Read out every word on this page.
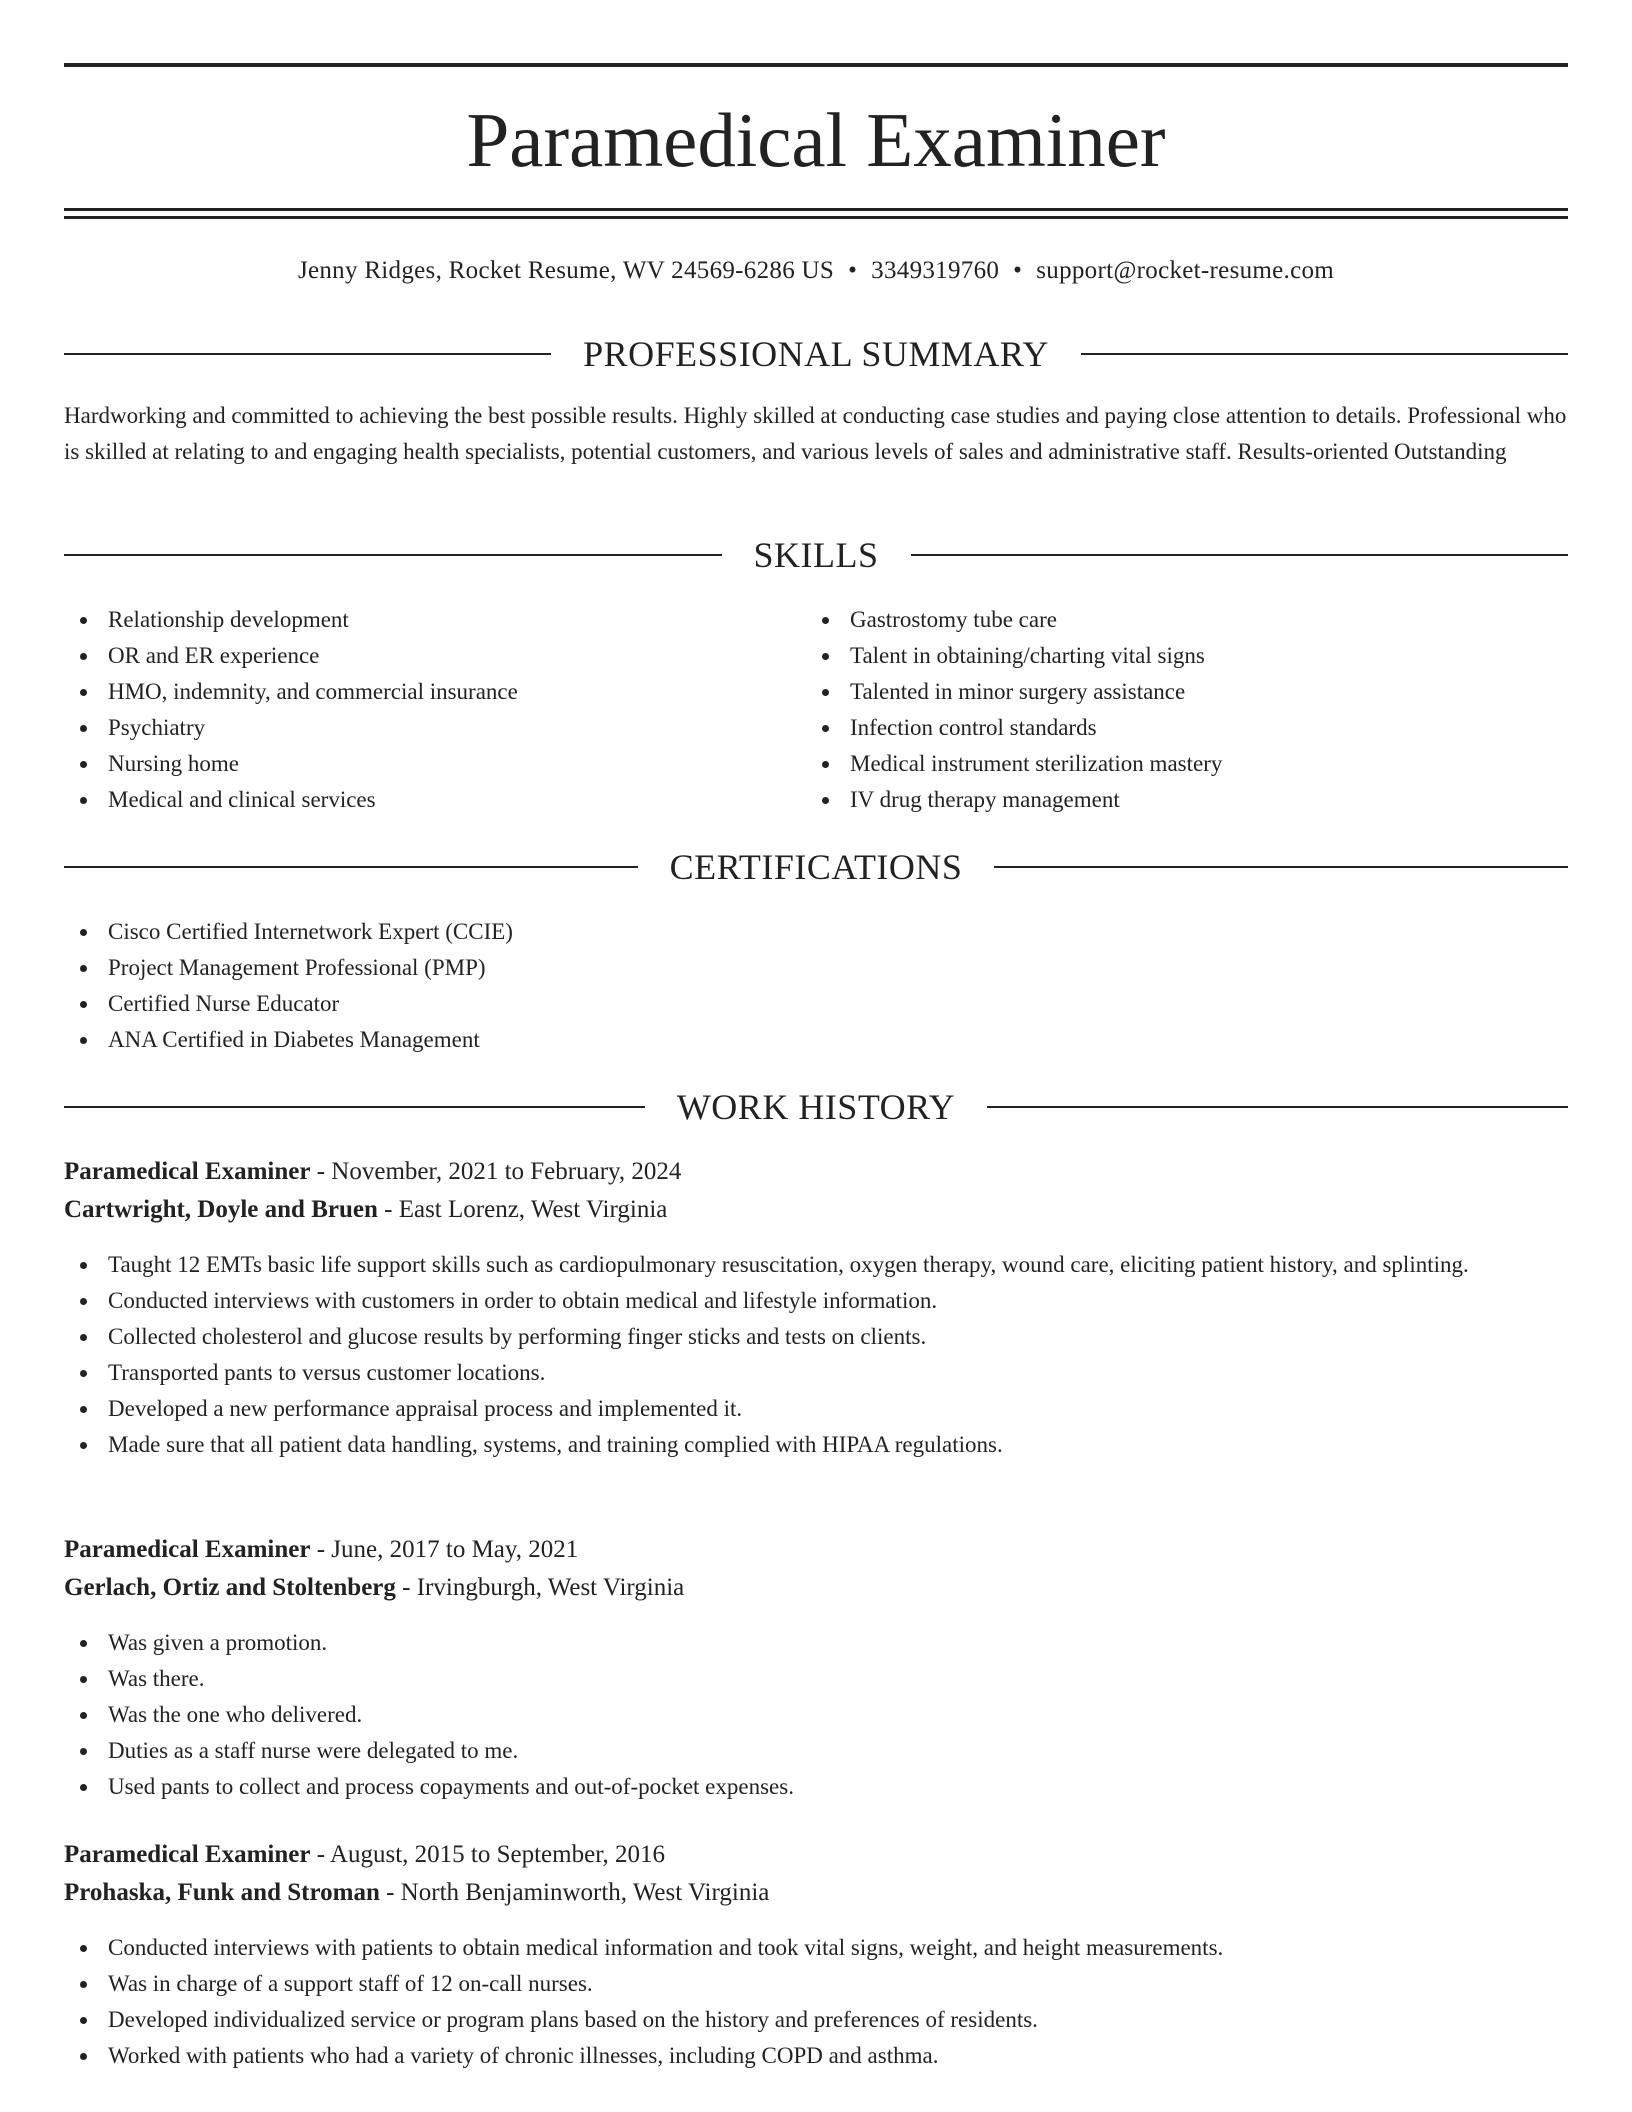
Paramedical Examiner
Jenny Ridges, Rocket Resume, WV 24569-6286 US • 3349319760 • support@rocket-resume.com
PROFESSIONAL SUMMARY
Hardworking and committed to achieving the best possible results. Highly skilled at conducting case studies and paying close attention to details. Professional who is skilled at relating to and engaging health specialists, potential customers, and various levels of sales and administrative staff. Results-oriented Outstanding
SKILLS
Relationship development
OR and ER experience
HMO, indemnity, and commercial insurance
Psychiatry
Nursing home
Medical and clinical services
Gastrostomy tube care
Talent in obtaining/charting vital signs
Talented in minor surgery assistance
Infection control standards
Medical instrument sterilization mastery
IV drug therapy management
CERTIFICATIONS
Cisco Certified Internetwork Expert (CCIE)
Project Management Professional (PMP)
Certified Nurse Educator
ANA Certified in Diabetes Management
WORK HISTORY
Paramedical Examiner - November, 2021 to February, 2024
Cartwright, Doyle and Bruen - East Lorenz, West Virginia
Taught 12 EMTs basic life support skills such as cardiopulmonary resuscitation, oxygen therapy, wound care, eliciting patient history, and splinting.
Conducted interviews with customers in order to obtain medical and lifestyle information.
Collected cholesterol and glucose results by performing finger sticks and tests on clients.
Transported pants to versus customer locations.
Developed a new performance appraisal process and implemented it.
Made sure that all patient data handling, systems, and training complied with HIPAA regulations.
Paramedical Examiner - June, 2017 to May, 2021
Gerlach, Ortiz and Stoltenberg - Irvingburgh, West Virginia
Was given a promotion.
Was there.
Was the one who delivered.
Duties as a staff nurse were delegated to me.
Used pants to collect and process copayments and out-of-pocket expenses.
Paramedical Examiner - August, 2015 to September, 2016
Prohaska, Funk and Stroman - North Benjaminworth, West Virginia
Conducted interviews with patients to obtain medical information and took vital signs, weight, and height measurements.
Was in charge of a support staff of 12 on-call nurses.
Developed individualized service or program plans based on the history and preferences of residents.
Worked with patients who had a variety of chronic illnesses, including COPD and asthma.
